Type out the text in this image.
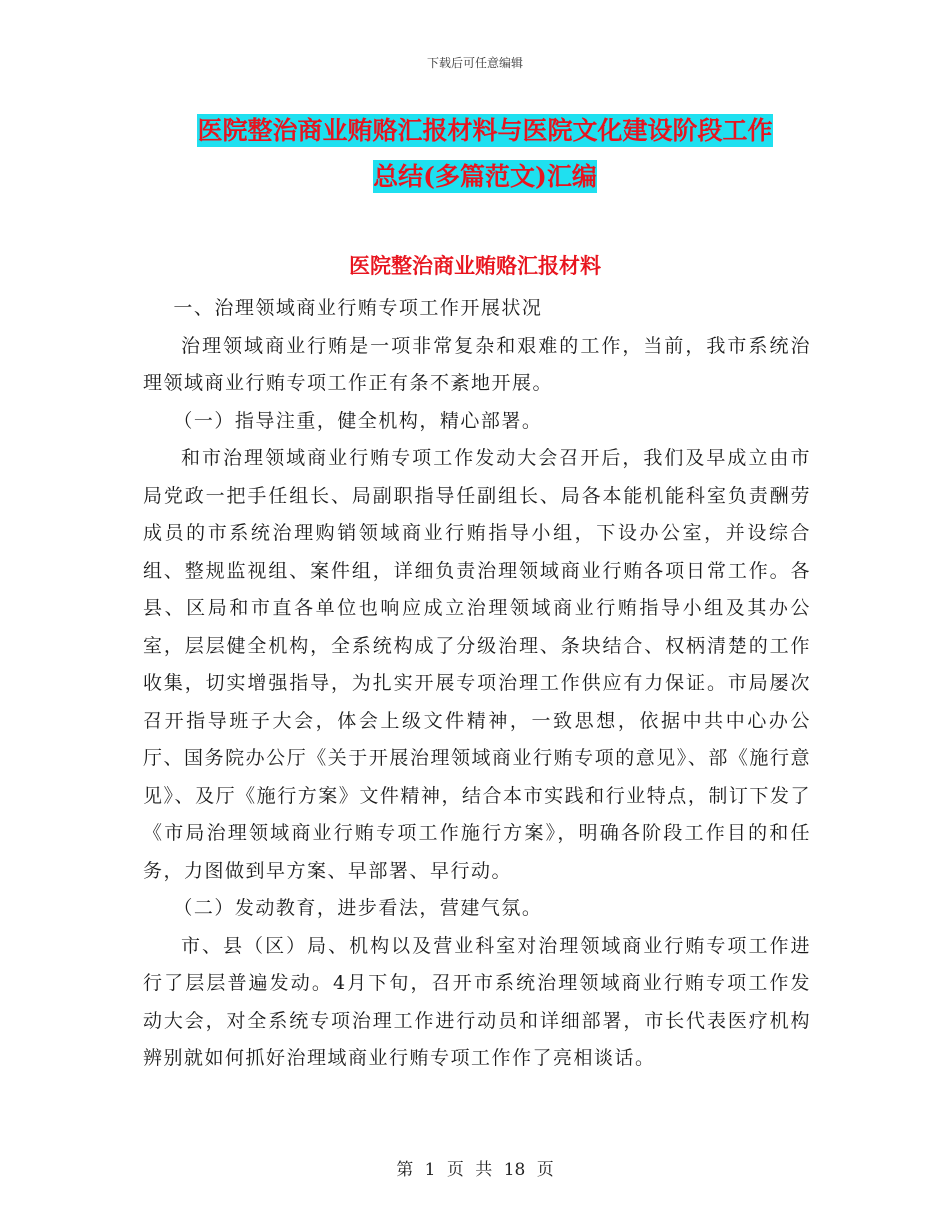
下载后可任意编辑
医院整治商业贿赂汇报材料与医院文化建设阶段工作
总结(多篇范文)汇编
医院整治商业贿赂汇报材料

一、治理领域商业行贿专项工作开展状况

治理领域商业行贿是一项非常复杂和艰难的工作，当前，我市系统治理领域商业行贿专项工作正有条不紊地开展。

（一）指导注重，健全机构，精心部署。

和市治理领域商业行贿专项工作发动大会召开后，我们及早成立由市局党政一把手任组长、局副职指导任副组长、局各本能机能科室负责酬劳成员的市系统治理购销领域商业行贿指导小组，下设办公室，并设综合组、整规监视组、案件组，详细负责治理领域商业行贿各项日常工作。各县、区局和市直各单位也响应成立治理领域商业行贿指导小组及其办公室，层层健全机构，全系统构成了分级治理、条块结合、权柄清楚的工作收集，切实增强指导，为扎实开展专项治理工作供应有力保证。市局屡次召开指导班子大会，体会上级文件精神，一致思想，依据中共中心办公厅、国务院办公厅《关于开展治理领域商业行贿专项的意见》、部《施行意见》、及厅《施行方案》文件精神，结合本市实践和行业特点，制订下发了《市局治理领域商业行贿专项工作施行方案》，明确各阶段工作目的和任务，力图做到早方案、早部署、早行动。

（二）发动教育，进步看法，营建气氛。

市、县（区）局、机构以及营业科室对治理领域商业行贿专项工作进行了层层普遍发动。4月下旬，召开市系统治理领域商业行贿专项工作发动大会，对全系统专项治理工作进行动员和详细部署，市长代表医疗机构辨别就如何抓好治理域商业行贿专项工作作了亮相谈话。

第 1 页 共 18 页
